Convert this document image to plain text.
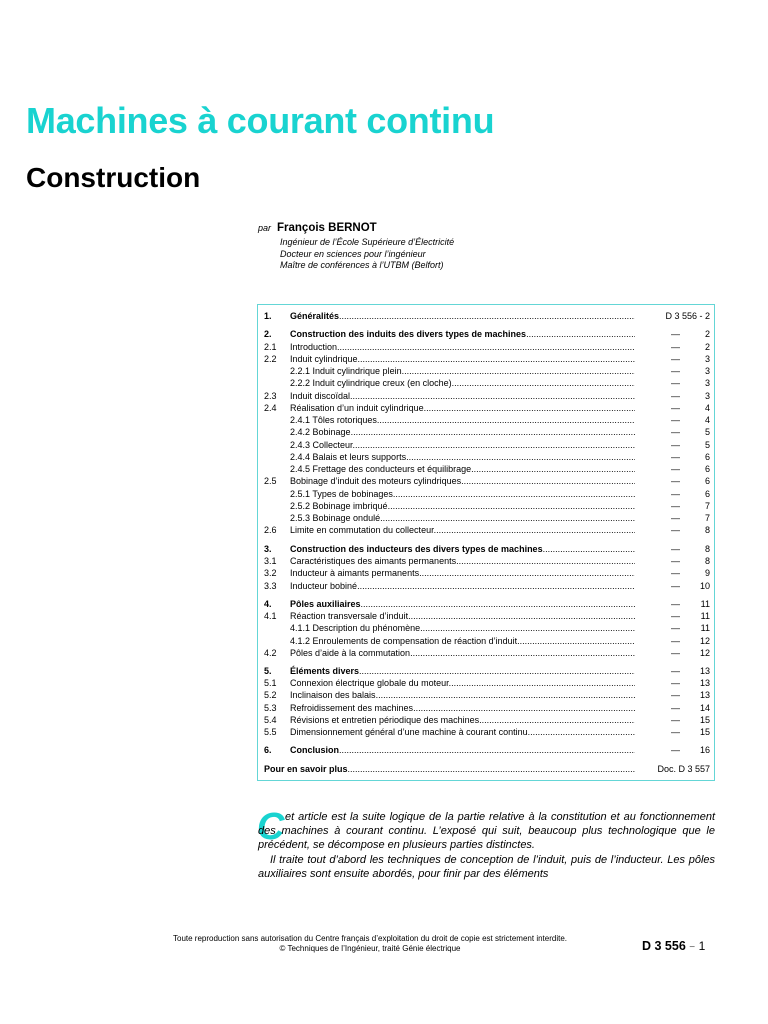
Machines à courant continu
Construction
par François BERNOT
Ingénieur de l’École Supérieure d’Électricité
Docteur en sciences pour l’ingénieur
Maître de conférences à l’UTBM (Belfort)
1. Généralités .....	D 3 556 - 2
2. Construction des induits des divers types de machines .....	—	2
2.1 Introduction .....	—	2
2.2 Induit cylindrique .....	—	3
2.2.1 Induit cylindrique plein .....	—	3
2.2.2 Induit cylindrique creux (en cloche) .....	—	3
2.3 Induit discoïdal .....	—	3
2.4 Réalisation d’un induit cylindrique .....	—	4
2.4.1 Tôles rotoriques .....	—	4
2.4.2 Bobinage .....	—	5
2.4.3 Collecteur .....	—	5
2.4.4 Balais et leurs supports .....	—	6
2.4.5 Frettage des conducteurs et équilibrage .....	—	6
2.5 Bobinage d’induit des moteurs cylindriques .....	—	6
2.5.1 Types de bobinages .....	—	6
2.5.2 Bobinage imbriqué .....	—	7
2.5.3 Bobinage ondulé .....	—	7
2.6 Limite en commutation du collecteur .....	—	8
3. Construction des inducteurs des divers types de machines .....	—	8
3.1 Caractéristiques des aimants permanents .....	—	8
3.2 Inducteur à aimants permanents .....	—	9
3.3 Inducteur bobiné .....	— 10
4. Pôles auxiliaires .....	— 11
4.1 Réaction transversale d’induit .....	— 11
4.1.1 Description du phénomène .....	— 11
4.1.2 Enroulements de compensation de réaction d’induit .....	— 12
4.2 Pôles d’aide à la commutation .....	— 12
5. Éléments divers .....	— 13
5.1 Connexion électrique globale du moteur .....	— 13
5.2 Inclinaison des balais .....	— 13
5.3 Refroidissement des machines .....	— 14
5.4 Révisions et entretien périodique des machines .....	— 15
5.5 Dimensionnement général d’une machine à courant continu .....	— 15
6. Conclusion .....	— 16
Pour en savoir plus .....	Doc. D 3 557
C et article est la suite logique de la partie relative à la constitution et au fonctionnement des machines à courant continu. L’exposé qui suit, beaucoup plus technologique que le précédent, se décompose en plusieurs parties distinctes.

Il traite tout d’abord les techniques de conception de l’induit, puis de l’inducteur. Les pôles auxiliaires sont ensuite abordés, pour finir par des éléments

Toute reproduction sans autorisation du Centre français d’exploitation du droit de copie est strictement interdite.
© Techniques de l’Ingénieur, traité Génie électrique	D 3 556 − 1
